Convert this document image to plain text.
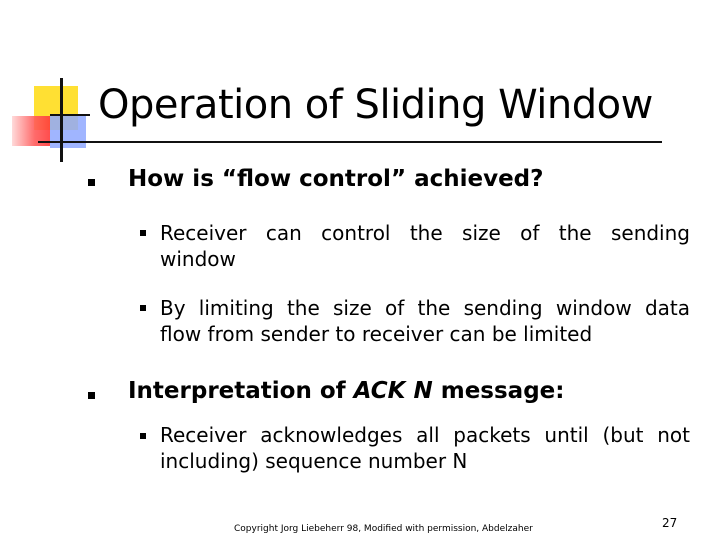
Operation of Sliding Window
How is “flow control” achieved?
Receiver can control the size of the sending
window
By limiting the size of the sending window data
flow from sender to receiver can be limited
Interpretation of ACK N message:
Receiver acknowledges all packets until (but not
including) sequence number N
Copyright Jorg Liebeherr 98, Modified with permission, Abdelzaher	27
